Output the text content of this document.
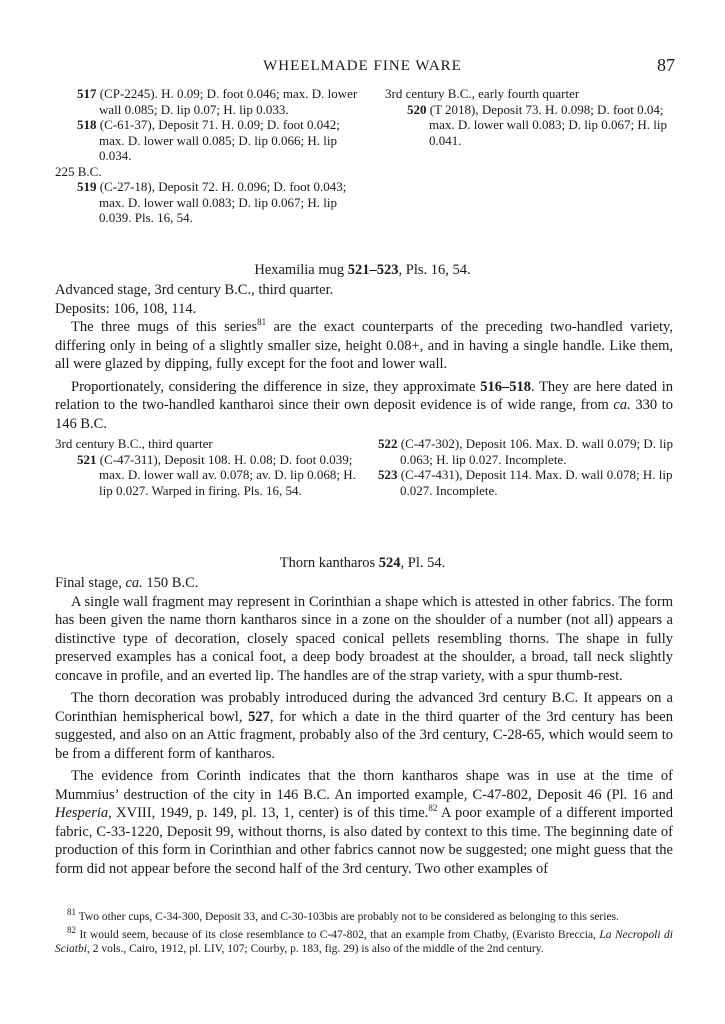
WHEELMADE FINE WARE	87
517 (CP-2245). H. 0.09; D. foot 0.046; max. D. lower wall 0.085; D. lip 0.07; H. lip 0.033.
518 (C-61-37), Deposit 71. H. 0.09; D. foot 0.042; max. D. lower wall 0.085; D. lip 0.066; H. lip 0.034.
225 B.C.
519 (C-27-18), Deposit 72. H. 0.096; D. foot 0.043; max. D. lower wall 0.083; D. lip 0.067; H. lip 0.039. Pls. 16, 54.
3rd century B.C., early fourth quarter
520 (T 2018), Deposit 73. H. 0.098; D. foot 0.04; max. D. lower wall 0.083; D. lip 0.067; H. lip 0.041.
Hexamilia mug 521–523, Pls. 16, 54.

Advanced stage, 3rd century B.C., third quarter.

Deposits: 106, 108, 114.

The three mugs of this series$^{81}$ are the exact counterparts of the preceding two-handled variety, differing only in being of a slightly smaller size, height 0.08+, and in having a single handle. Like them, all were glazed by dipping, fully except for the foot and lower wall.

Proportionately, considering the difference in size, they approximate 516–518. They are here dated in relation to the two-handled kantharoi since their own deposit evidence is of wide range, from ca. 330 to 146 B.C.

3rd century B.C., third quarter
521 (C-47-311), Deposit 108. H. 0.08; D. foot 0.039; max. D. lower wall av. 0.078; av. D. lip 0.068; H. lip 0.027. Warped in firing. Pls. 16, 54.
522 (C-47-302), Deposit 106. Max. D. wall 0.079; D. lip 0.063; H. lip 0.027. Incomplete.
523 (C-47-431), Deposit 114. Max. D. wall 0.078; H. lip 0.027. Incomplete.
Thorn kantharos 524, Pl. 54.

Final stage, ca. 150 B.C.

A single wall fragment may represent in Corinthian a shape which is attested in other fabrics. The form has been given the name thorn kantharos since in a zone on the shoulder of a number (not all) appears a distinctive type of decoration, closely spaced conical pellets resembling thorns. The shape in fully preserved examples has a conical foot, a deep body broadest at the shoulder, a broad, tall neck slightly concave in profile, and an everted lip. The handles are of the strap variety, with a spur thumb-rest.

The thorn decoration was probably introduced during the advanced 3rd century B.C. It appears on a Corinthian hemispherical bowl, 527, for which a date in the third quarter of the 3rd century has been suggested, and also on an Attic fragment, probably also of the 3rd century, C-28-65, which would seem to be from a different form of kantharos.

The evidence from Corinth indicates that the thorn kantharos shape was in use at the time of Mummius’ destruction of the city in 146 B.C. An imported example, C-47-802, Deposit 46 (Pl. 16 and Hesperia, XVIII, 1949, p. 149, pl. 13, 1, center) is of this time.$^{82}$ A poor example of a different imported fabric, C-33-1220, Deposit 99, without thorns, is also dated by context to this time. The beginning date of production of this form in Corinthian and other fabrics cannot now be suggested; one might guess that the form did not appear before the second half of the 3rd century. Two other examples of

$^{81}$ Two other cups, C-34-300, Deposit 33, and C-30-103bis are probably not to be considered as belonging to this series.

$^{82}$ It would seem, because of its close resemblance to C-47-802, that an example from Chatby, (Evaristo Breccia, La Necropoli di Sciatbi, 2 vols., Cairo, 1912, pl. LIV, 107; Courby, p. 183, fig. 29) is also of the middle of the 2nd century.
